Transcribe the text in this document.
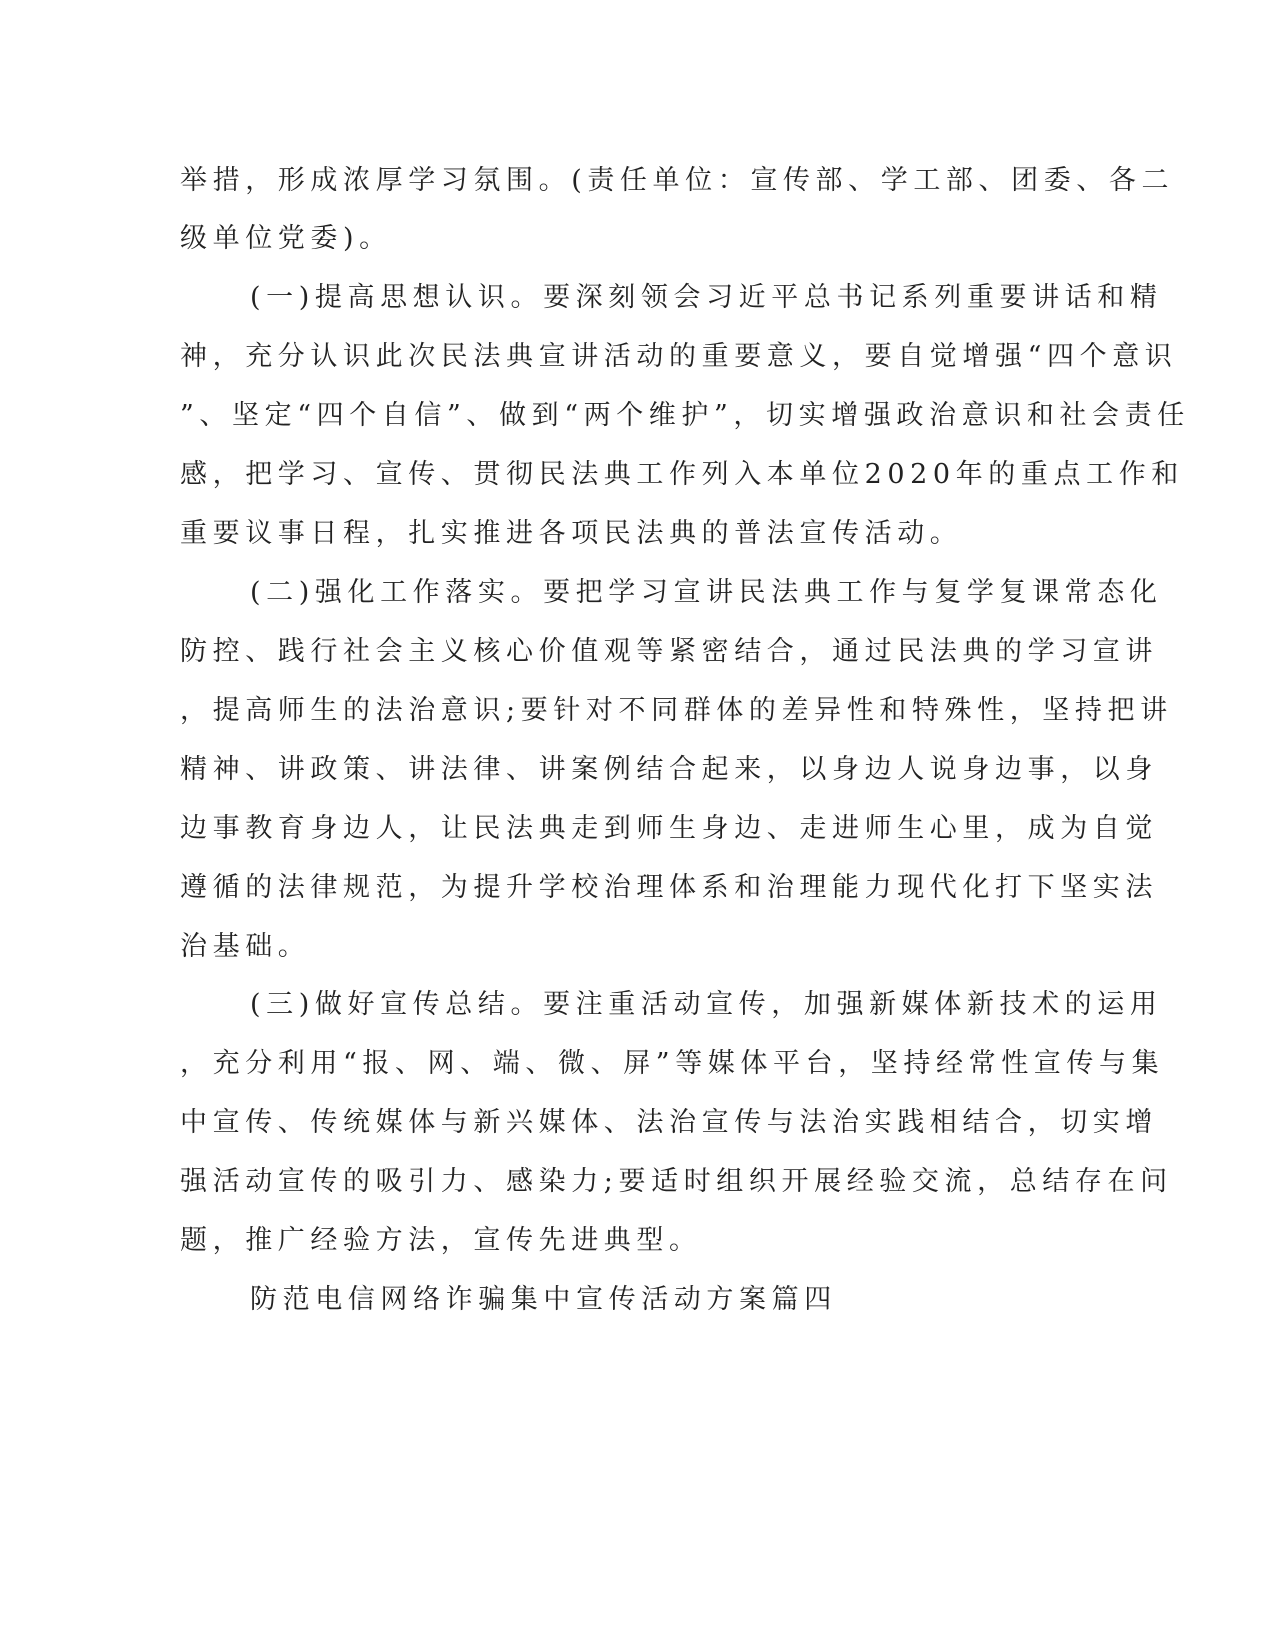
举措，形成浓厚学习氛围。(责任单位：宣传部、学工部、团委、各二

级单位党委)。

(一)提高思想认识。要深刻领会习近平总书记系列重要讲话和精

神，充分认识此次民法典宣讲活动的重要意义，要自觉增强“四个意识

”、坚定“四个自信”、做到“两个维护”，切实增强政治意识和社会责任

感，把学习、宣传、贯彻民法典工作列入本单位2020年的重点工作和

重要议事日程，扎实推进各项民法典的普法宣传活动。

(二)强化工作落实。要把学习宣讲民法典工作与复学复课常态化

防控、践行社会主义核心价值观等紧密结合，通过民法典的学习宣讲

，提高师生的法治意识;要针对不同群体的差异性和特殊性，坚持把讲

精神、讲政策、讲法律、讲案例结合起来，以身边人说身边事，以身

边事教育身边人，让民法典走到师生身边、走进师生心里，成为自觉

遵循的法律规范，为提升学校治理体系和治理能力现代化打下坚实法

治基础。

(三)做好宣传总结。要注重活动宣传，加强新媒体新技术的运用

，充分利用“报、网、端、微、屏”等媒体平台，坚持经常性宣传与集

中宣传、传统媒体与新兴媒体、法治宣传与法治实践相结合，切实增

强活动宣传的吸引力、感染力;要适时组织开展经验交流，总结存在问

题，推广经验方法，宣传先进典型。

防范电信网络诈骗集中宣传活动方案篇四
